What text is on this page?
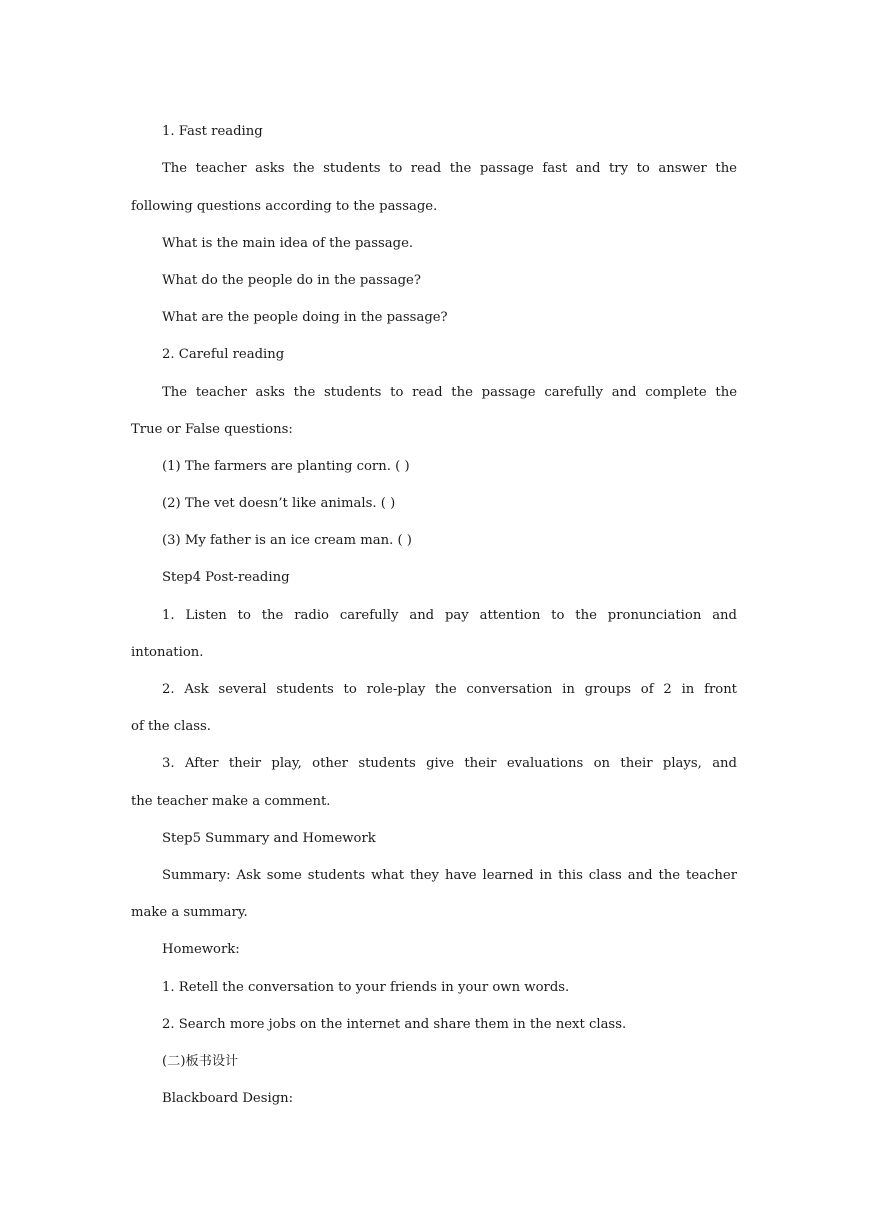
1. Fast reading
The teacher asks the students to read the passage fast and try to answer the
following questions according to the passage.
What is the main idea of the passage.
What do the people do in the passage?
What are the people doing in the passage?
2. Careful reading
The teacher asks the students to read the passage carefully and complete the
True or False questions:
(1) The farmers are planting corn. ( )
(2) The vet doesn’t like animals. ( )
(3) My father is an ice cream man. ( )
Step4 Post-reading
1. Listen to the radio carefully and pay attention to the pronunciation and
intonation.
2. Ask several students to role-play the conversation in groups of 2 in front
of the class.
3. After their play, other students give their evaluations on their plays, and
the teacher make a comment.
Step5 Summary and Homework
Summary: Ask some students what they have learned in this class and the teacher
make a summary.
Homework:
1. Retell the conversation to your friends in your own words.
2. Search more jobs on the internet and share them in the next class.
(二)板书设计
Blackboard Design:
